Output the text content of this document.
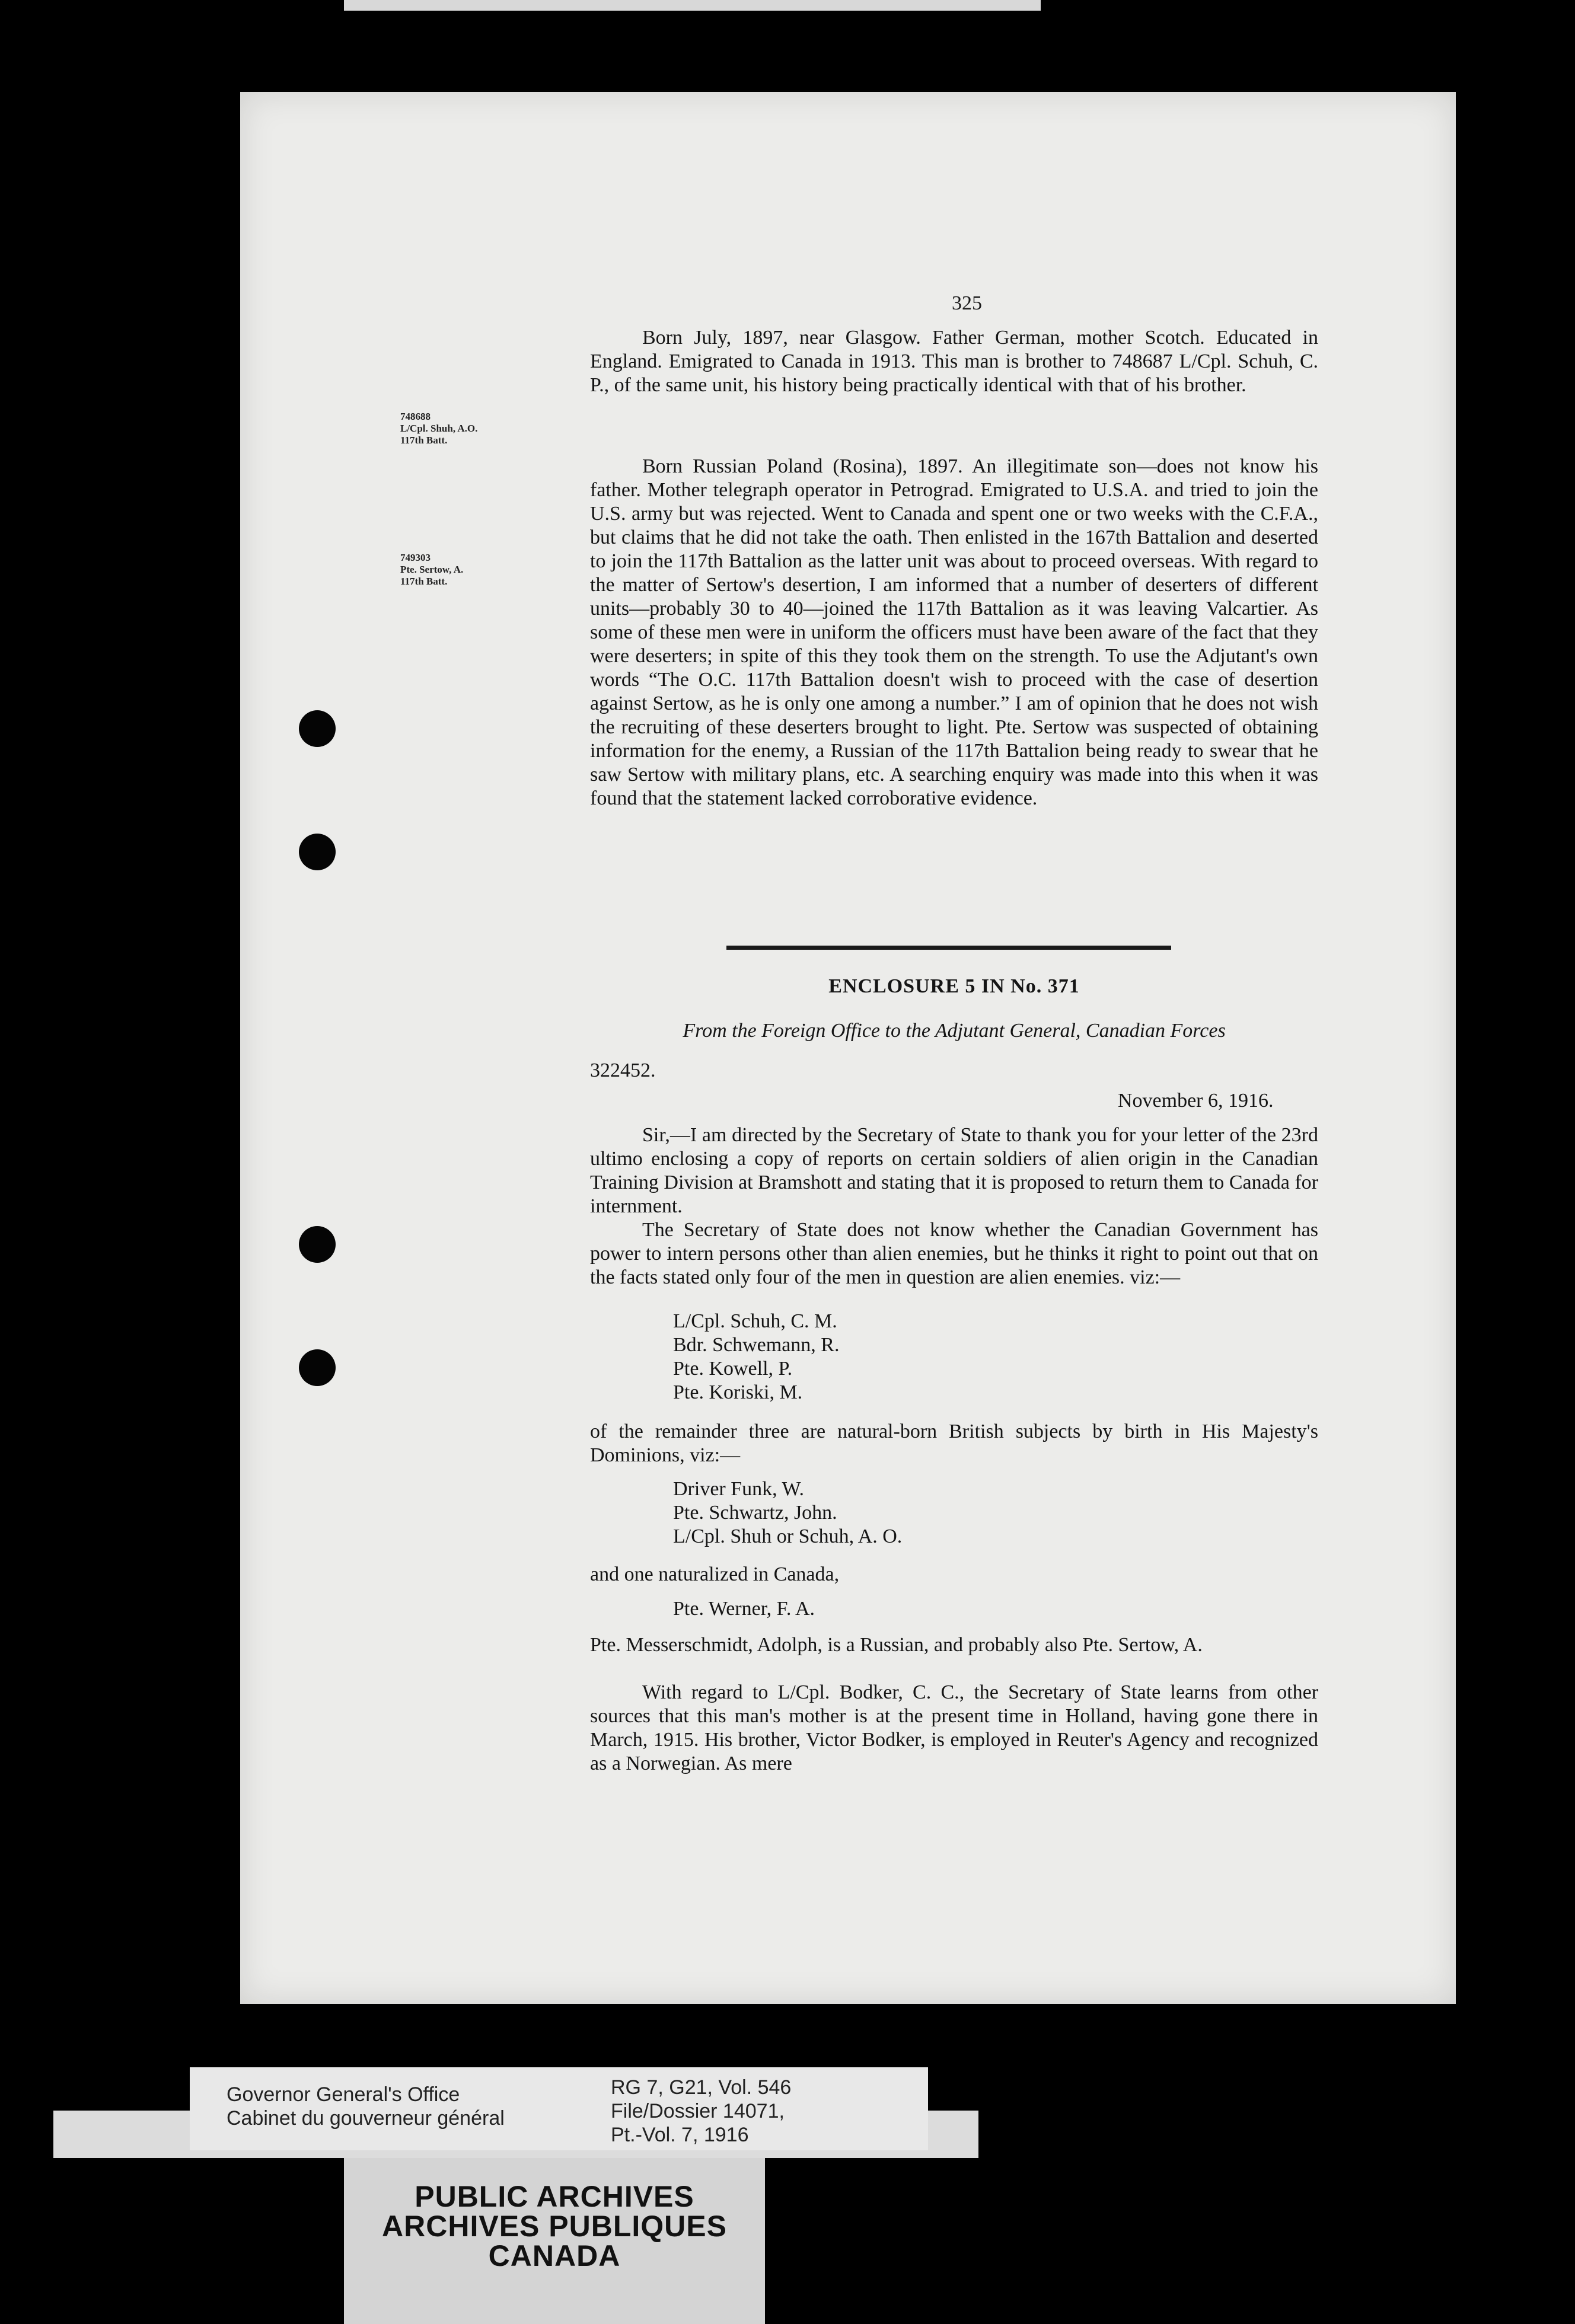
325
748688
L/Cpl. Shuh, A.O.
117th Batt.

Born July, 1897, near Glasgow. Father German, mother Scotch. Educated in England. Emigrated to Canada in 1913. This man is brother to 748687 L/Cpl. Schuh, C. P., of the same unit, his history being practically identical with that of his brother.

749303
Pte. Sertow, A.
117th Batt.

Born Russian Poland (Rosina), 1897. An illegitimate son—does not know his father. Mother telegraph operator in Petrograd. Emigrated to U.S.A. and tried to join the U.S. army but was rejected. Went to Canada and spent one or two weeks with the C.F.A., but claims that he did not take the oath. Then enlisted in the 167th Battalion and deserted to join the 117th Battalion as the latter unit was about to proceed overseas. With regard to the matter of Sertow's desertion, I am informed that a number of deserters of different units—probably 30 to 40—joined the 117th Battalion as it was leaving Valcartier. As some of these men were in uniform the officers must have been aware of the fact that they were deserters; in spite of this they took them on the strength. To use the Adjutant's own words “The O.C. 117th Battalion doesn't wish to proceed with the case of desertion against Sertow, as he is only one among a number.” I am of opinion that he does not wish the recruiting of these deserters brought to light. Pte. Sertow was suspected of obtaining information for the enemy, a Russian of the 117th Battalion being ready to swear that he saw Sertow with military plans, etc. A searching enquiry was made into this when it was found that the statement lacked corroborative evidence.

ENCLOSURE 5 IN No. 371
From the Foreign Office to the Adjutant General, Canadian Forces
322452.
November 6, 1916.

Sir,—I am directed by the Secretary of State to thank you for your letter of the 23rd ultimo enclosing a copy of reports on certain soldiers of alien origin in the Canadian Training Division at Bramshott and stating that it is proposed to return them to Canada for internment.

The Secretary of State does not know whether the Canadian Government has power to intern persons other than alien enemies, but he thinks it right to point out that on the facts stated only four of the men in question are alien enemies. viz:—

L/Cpl. Schuh, C. M.
Bdr. Schwemann, R.
Pte. Kowell, P.
Pte. Koriski, M.

of the remainder three are natural-born British subjects by birth in His Majesty's Dominions, viz:—

Driver Funk, W.
Pte. Schwartz, John.
L/Cpl. Shuh or Schuh, A. O.
and one naturalized in Canada,
Pte. Werner, F. A.

Pte. Messerschmidt, Adolph, is a Russian, and probably also Pte. Sertow, A.

With regard to L/Cpl. Bodker, C. C., the Secretary of State learns from other sources that this man's mother is at the present time in Holland, having gone there in March, 1915. His brother, Victor Bodker, is employed in Reuter's Agency and recognized as a Norwegian. As mere

Governor General's Office
Cabinet du gouverneur général
RG 7, G21, Vol. 546
File/Dossier 14071,
Pt.-Vol. 7, 1916
PUBLIC ARCHIVES
ARCHIVES PUBLIQUES
CANADA
